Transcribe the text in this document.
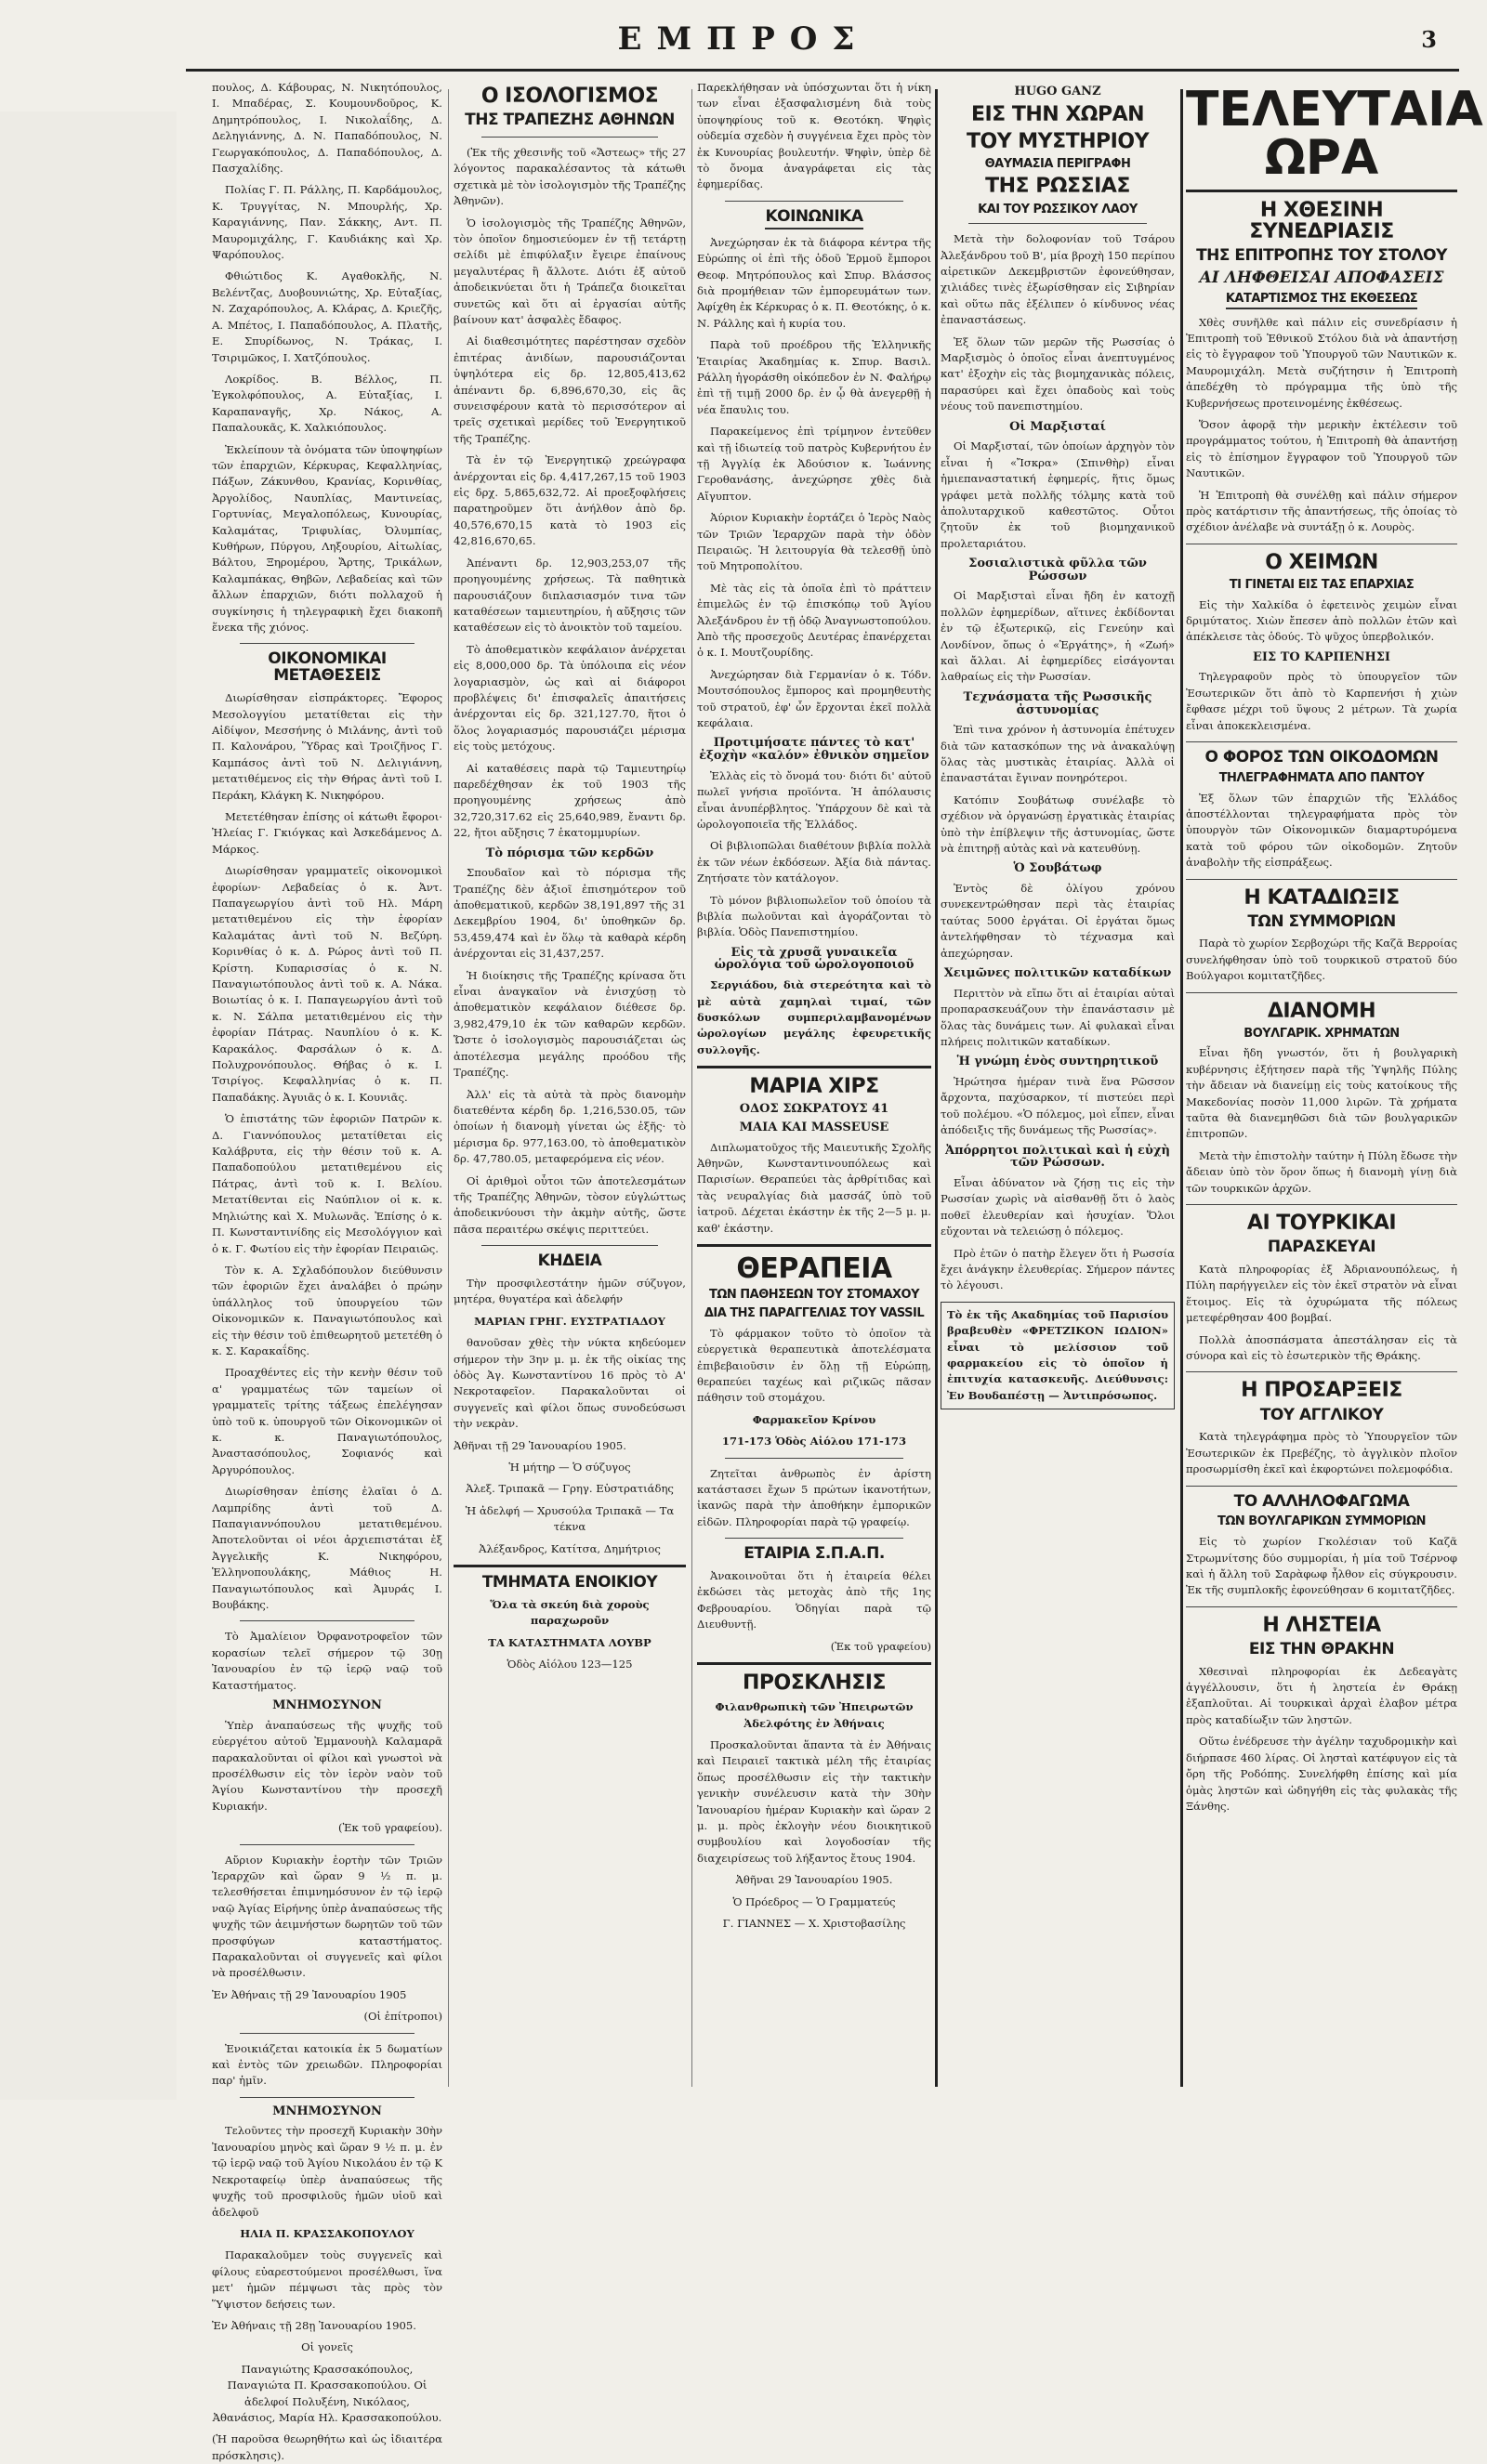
ΕΜΠΡΟΣ	3

πουλος, Δ. Κάβουρας, Ν. Νικητόπουλος, Ι. Μπαδέρας, Σ. Κουμουνδοῦρος, Κ. Δημητρόπουλος, Ι. Νικολαΐδης, Δ. Δεληγιάννης, Δ. Ν. Παπαδόπουλος, Ν. Γεωργακόπουλος, Δ. Παπαδόπουλος, Δ. Πασχαλίδης.

Πολίας Γ. Π. Ράλλης, Π. Καρδάμουλος, Κ. Τρυγγίτας, Ν. Μπουρλής, Χρ. Καραγιάννης, Παν. Σάκκης, Αντ. Π. Μαυρομιχάλης, Γ. Καυδιάκης καὶ Χρ. Ψαρόπουλος.

Φθιώτιδος Κ. Αγαθοκλῆς, Ν. Βελέντζας, Δυοβουνιώτης, Χρ. Εὐταξίας, Ν. Ζαχαρόπουλος, Α. Κλάρας, Δ. Κριεζῆς, Α. Μπέτος, Ι. Παπαδόπουλος, Α. Πλατῆς, Ε. Σπυρίδωνος, Ν. Τράκας, Ι. Τσιριμῶκος, Ι. Χατζόπουλος.

Λοκρίδος. Β. Βέλλος, Π. Ἐγκολφόπουλος, Α. Εὐταξίας, Ι. Καραπαναγῆς, Χρ. Νάκος, Α. Παπαλουκᾶς, Κ. Χαλκιόπουλος.

Ἐκλείπουν τὰ ὀνόματα τῶν ὑποψηφίων τῶν ἐπαρχιῶν, Κέρκυρας, Κεφαλληνίας, Πάξων, Ζάκυνθου, Κρανίας, Κορινθίας, Ἀργολίδος, Ναυπλίας, Μαντινείας, Γορτυνίας, Μεγαλοπόλεως, Κυνουρίας, Καλαμάτας, Τριφυλίας, Ὀλυμπίας, Κυθήρων, Πύργου, Ληξουρίου, Αἰτωλίας, Βάλτου, Ξηρομέρου, Ἄρτης, Τρικάλων, Καλαμπάκας, Θηβῶν, Λεβαδείας καὶ τῶν ἄλλων ἐπαρχιῶν, διότι πολλαχοῦ ἡ συγκίνησις ἡ τηλεγραφικὴ ἔχει διακοπῆ ἕνεκα τῆς χιόνος.

ΟΙΚΟΝΟΜΙΚΑΙ ΜΕΤΑΘΕΣΕΙΣ

Διωρίσθησαν εἰσπράκτορες. Ἔφορος Μεσολογγίου μετατίθεται εἰς τὴν Αἰδίψον, Μεσσήνης ὁ Μιλάνης, ἀντὶ τοῦ Π. Καλονάρου, Ὕδρας καὶ Τροιζῆνος Γ. Καμπάσος ἀντὶ τοῦ Ν. Δελιγιάννη, μετατιθέμενος εἰς τὴν Θήρας ἀντὶ τοῦ Ι. Περάκη, Κλάγκη Κ. Νικηφόρου.

Μετετέθησαν ἐπίσης οἱ κάτωθι ἔφοροι· Ἠλείας Γ. Γκιόγκας καὶ Ἀσκεδάμενος Δ. Μάρκος.

Διωρίσθησαν γραμματεῖς οἰκονομικοὶ ἐφορίων· Λεβαδείας ὁ κ. Ἀντ. Παπαγεωργίου ἀντὶ τοῦ Ηλ. Μάρη μετατιθεμένου εἰς τὴν ἐφορίαν Καλαμάτας ἀντὶ τοῦ Ν. Βεζύρη. Κορινθίας ὁ κ. Δ. Ρώρος ἀντὶ τοῦ Π. Κρίστη. Κυπαρισσίας ὁ κ. Ν. Παναγιωτόπουλος ἀντὶ τοῦ κ. Α. Νάκα. Βοιωτίας ὁ κ. Ι. Παπαγεωργίου ἀντὶ τοῦ κ. Ν. Σάλπα μετατιθεμένου εἰς τὴν ἐφορίαν Πάτρας. Ναυπλίου ὁ κ. Κ. Καρακάλος. Φαρσάλων ὁ κ. Δ. Πολυχρονόπουλος. Θήβας ὁ κ. Ι. Τσιρίγος. Κεφαλληνίας ὁ κ. Π. Παπαδάκης. Ἀγυιᾶς ὁ κ. Ι. Κουνιᾶς.

Ὁ ἐπιστάτης τῶν ἐφοριῶν Πατρῶν κ. Δ. Γιαννόπουλος μετατίθεται εἰς Καλάβρυτα, εἰς τὴν θέσιν τοῦ κ. Α. Παπαδοπούλου μετατιθεμένου εἰς Πάτρας, ἀντὶ τοῦ κ. Ι. Βελίου. Μετατίθενται εἰς Ναύπλιον οἱ κ. κ. Μηλιώτης καὶ Χ. Μυλωνᾶς. Ἐπίσης ὁ κ. Π. Κωνσταντινίδης εἰς Μεσολόγγιον καὶ ὁ κ. Γ. Φωτίου εἰς τὴν ἐφορίαν Πειραιῶς.

Τὸν κ. Α. Σχλαδόπουλον διεύθυνσιν τῶν ἐφοριῶν ἔχει ἀναλάβει ὁ πρώην ὑπάλληλος τοῦ ὑπουργείου τῶν Οἰκονομικῶν κ. Παναγιωτόπουλος καὶ εἰς τὴν θέσιν τοῦ ἐπιθεωρητοῦ μετετέθη ὁ κ. Σ. Καρακαΐδης.

Προαχθέντες εἰς τὴν κενὴν θέσιν τοῦ α' γραμματέως τῶν ταμείων οἱ γραμματεῖς τρίτης τάξεως ἐπελέγησαν ὑπὸ τοῦ κ. ὑπουργοῦ τῶν Οἰκονομικῶν οἱ κ. κ. Παναγιωτόπουλος, Ἀναστασόπουλος, Σοφιανός καὶ Ἀργυρόπουλος.

Διωρίσθησαν ἐπίσης ἐλαῖαι ὁ Δ. Λαμπρίδης ἀντὶ τοῦ Δ. Παπαγιαννόπουλου μετατιθεμένου. Ἀποτελοῦνται οἱ νέοι ἀρχιεπιστάται ἐξ Ἀγγελικῆς Κ. Νικηφόρου, Ἑλληνοπουλάκης, Μάθιος Η. Παναγιωτόπουλος καὶ Ἀμυράς Ι. Βουβάκης.

Τὸ Ἀμαλίειον Ὀρφανοτροφεῖον τῶν κορασίων τελεῖ σήμερον τῷ 30ῃ Ἰανουαρίου ἐν τῷ ἱερῷ ναῷ τοῦ Καταστήματος.

ΜΝΗΜΟΣΥΝΟΝ

Ὑπὲρ ἀναπαύσεως τῆς ψυχῆς τοῦ εὐεργέτου αὐτοῦ Ἐμμανουὴλ Καλαμαρᾶ παρακαλοῦνται οἱ φίλοι καὶ γνωστοὶ νὰ προσέλθωσιν εἰς τὸν ἱερὸν ναὸν τοῦ Ἁγίου Κωνσταντίνου τὴν προσεχῆ Κυριακήν.

(Ἐκ τοῦ γραφείου).

Αὔριον Κυριακὴν ἑορτὴν τῶν Τριῶν Ἱεραρχῶν καὶ ὥραν 9 ½ π. μ. τελεσθήσεται ἐπιμνημόσυνον ἐν τῷ ἱερῷ ναῷ Ἀγίας Εἰρήνης ὑπὲρ ἀναπαύσεως τῆς ψυχῆς τῶν ἀειμνήστων δωρητῶν τοῦ τῶν προσφύγων καταστήματος. Παρακαλοῦνται οἱ συγγενεῖς καὶ φίλοι νὰ προσέλθωσιν.

Ἐν Ἀθήναις τῇ 29 Ἰανουαρίου 1905

(Οἱ ἐπίτροποι)

Ἐνοικιάζεται κατοικία ἐκ 5 δωματίων καὶ ἐντὸς τῶν χρειωδῶν. Πληροφορίαι παρ' ἡμῖν.

ΜΝΗΜΟΣΥΝΟΝ

Τελοῦντες τὴν προσεχῆ Κυριακὴν 30ὴν Ἰανουαρίου μηνὸς καὶ ὥραν 9 ½ π. μ. ἐν τῷ ἱερῷ ναῷ τοῦ Ἁγίου Νικολάου ἐν τῷ Κ Νεκροταφείῳ ὑπὲρ ἀναπαύσεως τῆς ψυχῆς τοῦ προσφιλοῦς ἡμῶν υἱοῦ καὶ ἀδελφοῦ

ΗΛΙΑ Π. ΚΡΑΣΣΑΚΟΠΟΥΛΟΥ

Παρακαλοῦμεν τοὺς συγγενεῖς καὶ φίλους εὐαρεστούμενοι προσέλθωσι, ἵνα μετ' ἡμῶν πέμψωσι τὰς πρὸς τὸν Ὕψιστον δεήσεις των.

Ἐν Ἀθήναις τῇ 28ῃ Ἰανουαρίου 1905.

Οἱ γονεῖς

Παναγιώτης Κρασσακόπουλος, Παναγιώτα Π. Κρασσακοπούλου. Οἱ ἀδελφοί Πολυξένη, Νικόλαος, Ἀθανάσιος, Μαρία Ηλ. Κρασσακοπούλου.

(Ἡ παροῦσα θεωρηθήτω καὶ ὡς ἰδιαιτέρα πρόσκλησις).

Ο ΙΣΟΛΟΓΙΣΜΟΣ
ΤΗΣ ΤΡΑΠΕΖΗΣ ΑΘΗΝΩΝ

(Ἐκ τῆς χθεσινῆς τοῦ «Ἄστεως» τῆς 27 λόγοντος παρακαλέσαντος τὰ κάτωθι σχετικὰ μὲ τὸν ἰσολογισμὸν τῆς Τραπέζης Ἀθηνῶν).

Ὁ ἰσολογισμὸς τῆς Τραπέζης Ἀθηνῶν, τὸν ὁποῖον δημοσιεύομεν ἐν τῇ τετάρτῃ σελίδι μὲ ἐπιφύλαξιν ἔγειρε ἐπαίνους μεγαλυτέρας ἢ ἄλλοτε. Διότι ἐξ αὐτοῦ ἀποδεικνύεται ὅτι ἡ Τράπεζα διοικεῖται συνετῶς καὶ ὅτι αἱ ἐργασίαι αὐτῆς βαίνουν κατ' ἀσφαλὲς ἔδαφος.

Αἱ διαθεσιμότητες παρέστησαν σχεδὸν ἐπιτέρας ἀνιδίων, παρουσιάζονται ὑψηλότερα εἰς δρ. 12,805,413,62 ἀπέναντι δρ. 6,896,670,30, εἰς ἃς συνεισφέρουν κατὰ τὸ περισσότερον αἱ τρεῖς σχετικαὶ μερίδες τοῦ Ἐνεργητικοῦ τῆς Τραπέζης.

Τὰ ἐν τῷ Ἐνεργητικῷ χρεώγραφα ἀνέρχονται εἰς δρ. 4,417,267,15 τοῦ 1903 εἰς δρχ. 5,865,632,72. Αἱ προεξοφλήσεις παρατηροῦμεν ὅτι ἀνήλθον ἀπὸ δρ. 40,576,670,15 κατὰ τὸ 1903 εἰς 42,816,670,65.

Ἀπέναντι δρ. 12,903,253,07 τῆς προηγουμένης χρήσεως. Τὰ παθητικὰ παρουσιάζουν διπλασιασμόν τινα τῶν καταθέσεων ταμιευτηρίου, ἡ αὔξησις τῶν καταθέσεων εἰς τὸ ἀνοικτὸν τοῦ ταμείου.

Τὸ ἀποθεματικὸν κεφάλαιον ἀνέρχεται εἰς 8,000,000 δρ. Τὰ ὑπόλοιπα εἰς νέον λογαριασμὸν, ὡς καὶ αἱ διάφοροι προβλέψεις δι' ἐπισφαλεῖς ἀπαιτήσεις ἀνέρχονται εἰς δρ. 321,127.70, ἥτοι ὁ ὅλος λογαριασμός παρουσιάζει μέρισμα εἰς τοὺς μετόχους.

Αἱ καταθέσεις παρὰ τῷ Ταμιευτηρίῳ παρεδέχθησαν ἐκ τοῦ 1903 τῆς προηγουμένης χρήσεως ἀπὸ 32,720,317.62 εἰς 25,640,989, ἔναντι δρ. 22, ἤτοι αὔξησις 7 ἑκατομμυρίων.

Τὸ πόρισμα τῶν κερδῶν

Σπουδαῖον καὶ τὸ πόρισμα τῆς Τραπέζης δὲν ἀξιοῖ ἐπισημότερον τοῦ ἀποθεματικοῦ, κερδῶν 38,191,897 τῆς 31 Δεκεμβρίου 1904, δι' ὑποθηκῶν δρ. 53,459,474 καὶ ἐν ὅλῳ τὰ καθαρὰ κέρδη ἀνέρχονται εἰς 31,437,257.

Ἡ διοίκησις τῆς Τραπέζης κρίνασα ὅτι εἶναι ἀναγκαῖον νὰ ἐνισχύσῃ τὸ ἀποθεματικὸν κεφάλαιον διέθεσε δρ. 3,982,479,10 ἐκ τῶν καθαρῶν κερδῶν. Ὥστε ὁ ἰσολογισμὸς παρουσιάζεται ὡς ἀποτέλεσμα μεγάλης προόδου τῆς Τραπέζης.

Ἀλλ' εἰς τὰ αὐτὰ τὰ πρὸς διανομὴν διατεθέντα κέρδη δρ. 1,216,530.05, τῶν ὁποίων ἡ διανομὴ γίνεται ὡς ἑξῆς· τὸ μέρισμα δρ. 977,163.00, τὸ ἀποθεματικὸν δρ. 47,780.05, μεταφερόμενα εἰς νέον.

Οἱ ἀριθμοὶ οὗτοι τῶν ἀποτελεσμάτων τῆς Τραπέζης Ἀθηνῶν, τὸσον εὐγλώττως ἀποδεικνύουσι τὴν ἀκμὴν αὐτῆς, ὥστε πᾶσα περαιτέρω σκέψις περιττεύει.

ΚΗΔΕΙΑ

Τὴν προσφιλεστάτην ἡμῶν σύζυγον, μητέρα, θυγατέρα καὶ ἀδελφήν

ΜΑΡΙΑΝ ΓΡΗΓ. ΕΥΣΤΡΑΤΙΑΔΟΥ

θανοῦσαν χθὲς τὴν νύκτα κηδεύομεν σήμερον τὴν 3ην μ. μ. ἐκ τῆς οἰκίας της ὁδὸς Ἀγ. Κωνσταντίνου 16 πρὸς τὸ Α' Νεκροταφεῖον. Παρακαλοῦνται οἱ συγγενεῖς καὶ φίλοι ὅπως συνοδεύσωσι τὴν νεκρὰν.

Ἀθῆναι τῇ 29 Ἰανουαρίου 1905.

Ἡ μήτηρ — Ὁ σύζυγος

Ἀλεξ. Τριπακᾶ — Γρηγ. Εὐστρατιάδης

Ἡ ἀδελφή — Χρυσούλα Τριπακᾶ — Τα τέκνα

Ἀλέξανδρος, Κατίτσα, Δημήτριος

ΤΜΗΜΑΤΑ ΕΝΟΙΚΙΟΥ

Ὅλα τὰ σκεύη διὰ χοροὺς παραχωροῦν

ΤΑ ΚΑΤΑΣΤΗΜΑΤΑ ΛΟΥΒΡ

Ὁδὸς Αἰόλου 123—125

Παρεκλήθησαν νὰ ὑπόσχωνται ὅτι ἡ νίκη των εἶναι ἐξασφαλισμένη διὰ τοὺς ὑποψηφίους τοῦ κ. Θεοτόκη. Ψηφὶς οὐδεμία σχεδὸν ἡ συγγένεια ἔχει πρὸς τὸν ἐκ Κυνουρίας βουλευτήν. Ψηφὶν, ὑπὲρ δὲ τὸ ὄνομα ἀναγράφεται εἰς τὰς ἐφημερίδας.

ΚΟΙΝΩΝΙΚΑ

Ἀνεχώρησαν ἐκ τὰ διάφορα κέντρα τῆς Εὐρώπης οἱ ἐπὶ τῆς ὁδοῦ Ἑρμοῦ ἔμποροι Θεοφ. Μητρόπουλος καὶ Σπυρ. Βλάσσος διὰ προμήθειαν τῶν ἐμπορευμάτων των. Ἀφίχθη ἐκ Κέρκυρας ὁ κ. Π. Θεοτόκης, ὁ κ. Ν. Ράλλης καὶ ἡ κυρία του.

Παρὰ τοῦ προέδρου τῆς Ἑλληνικῆς Ἑταιρίας Ἀκαδημίας κ. Σπυρ. Βασιλ. Ράλλη ἠγοράσθη οἰκόπεδον ἐν Ν. Φαλήρῳ ἐπὶ τῇ τιμῇ 2000 δρ. ἐν ᾧ θὰ ἀνεγερθῇ ἡ νέα ἔπαυλις του.

Παρακείμενος ἐπὶ τρίμηνον ἐντεῦθεν καὶ τῇ ἰδιωτείᾳ τοῦ πατρὸς Κυβερνήτου ἐν τῇ Ἀγγλίᾳ ἐκ Ἀδούσιον κ. Ἰωάννης Γεροθανάσης, ἀνεχώρησε χθὲς διὰ Αἴγυπτον.

Ἀύριον Κυριακὴν ἑορτάζει ὁ Ἱερὸς Ναὸς τῶν Τριῶν Ἱεραρχῶν παρὰ τὴν ὁδὸν Πειραιῶς. Ἡ λειτουργία θὰ τελεσθῇ ὑπὸ τοῦ Μητροπολίτου.

Μὲ τὰς εἰς τὰ ὁποῖα ἐπὶ τὸ πράττειν ἐπιμελῶς ἐν τῷ ἐπισκόπῳ τοῦ Ἁγίου Ἀλεξάνδρου ἐν τῇ ὁδῷ Ἀναγνωστοπούλου. Ἀπὸ τῆς προσεχοῦς Δευτέρας ἐπανέρχεται ὁ κ. Ι. Μουτζουρίδης.

Ἀνεχώρησαν διὰ Γερμανίαν ὁ κ. Τόδν. Μουτσόπουλος ἔμπορος καὶ προμηθευτὴς τοῦ στρατοῦ, ἐφ' ὧν ἔρχονται ἐκεῖ πολλὰ κεφάλαια.

Προτιμήσατε πάντες τὸ κατ' ἐξοχὴν «καλόν» ἐθνικὸν σημεῖον

Ἐλλὰς εἰς τὸ ὄνομά του· διότι δι' αὐτοῦ πωλεῖ γνήσια προϊόντα. Ἡ ἀπόλαυσις εἶναι ἀνυπέρβλητος. Ὑπάρχουν δὲ καὶ τὰ ὡρολογοποιεῖα τῆς Ἑλλάδος.

Οἱ βιβλιοπῶλαι διαθέτουν βιβλία πολλὰ ἐκ τῶν νέων ἐκδόσεων. Ἀξία διὰ πάντας. Ζητήσατε τὸν κατάλογον.

Τὸ μόνον βιβλιοπωλεῖον τοῦ ὁποίου τὰ βιβλία πωλοῦνται καὶ ἀγοράζονται τὸ βιβλία. Ὁδὸς Πανεπιστημίου.

Εἰς τὰ χρυσᾶ γυναικεῖα ὡρολόγια τοῦ ὡρολογοποιοῦ

Σεργιάδου, διὰ στερεότητα καὶ τὸ μὲ αὐτὰ χαμηλαὶ τιμαί, τῶν δυσκόλων συμπεριλαμβανομένων ὡρολογίων μεγάλης ἐφευρετικῆς συλλογῆς.

ΜΑΡΙΑ ΧΙΡΣ
ΟΔΟΣ ΣΩΚΡΑΤΟΥΣ 41
ΜΑΙΑ ΚΑΙ MASSEUSE

Διπλωματοῦχος τῆς Μαιευτικῆς Σχολῆς Ἀθηνῶν, Κωνσταντινουπόλεως καὶ Παρισίων. Θεραπεύει τὰς ἀρθρίτιδας καὶ τὰς νευραλγίας διὰ μασσάζ ὑπὸ τοῦ ἰατροῦ. Δέχεται ἑκάστην ἐκ τῆς 2—5 μ. μ. καθ' ἑκάστην.

ΘΕΡΑΠΕΙΑ
ΤΩΝ ΠΑΘΗΣΕΩΝ ΤΟΥ ΣΤΟΜΑΧΟΥ
ΔΙΑ ΤΗΣ ΠΑΡΑΓΓΕΛΙΑΣ ΤΟΥ VASSIL

Τὸ φάρμακον τοῦτο τὸ ὁποῖον τὰ εὐεργετικὰ θεραπευτικὰ ἀποτελέσματα ἐπιβεβαιοῦσιν ἐν ὅλῃ τῇ Εὐρώπῃ, θεραπεύει ταχέως καὶ ριζικῶς πᾶσαν πάθησιν τοῦ στομάχου.

Φαρμακεῖον Κρίνου

171-173 Ὁδὸς Αἰόλου 171-173

Ζητεῖται ἀνθρωπὸς ἐν ἀρίστη κατάστασει ἔχων 5 πρώτων ἱκανοτήτων, ἰκανῶς παρὰ τὴν ἀποθήκην ἐμπορικῶν εἰδῶν. Πληροφορίαι παρὰ τῷ γραφείῳ.

ΕΤΑΙΡΙΑ Σ.Π.Α.Π.

Ἀνακοινοῦται ὅτι ἡ ἑταιρεία θέλει ἐκδώσει τὰς μετοχὰς ἀπὸ τῆς 1ης Φεβρουαρίου. Ὁδηγίαι παρὰ τῷ Διευθυντῇ.

(Ἐκ τοῦ γραφείου)

ΠΡΟΣΚΛΗΣΙΣ

Φιλανθρωπικὴ τῶν Ἠπειρωτῶν Ἀδελφότης ἐν Ἀθήναις

Προσκαλοῦνται ἅπαντα τὰ ἐν Ἀθήναις καὶ Πειραιεῖ τακτικὰ μέλη τῆς ἐταιρίας ὅπως προσέλθωσιν εἰς τὴν τακτικὴν γενικὴν συνέλευσιν κατὰ τὴν 30ὴν Ἰανουαρίου ἡμέραν Κυριακὴν καὶ ὥραν 2 μ. μ. πρὸς ἐκλογὴν νέου διοικητικοῦ συμβουλίου καὶ λογοδοσίαν τῆς διαχειρίσεως τοῦ λήξαντος ἔτους 1904.

Ἀθῆναι 29 Ἰανουαρίου 1905.

Ὁ Πρόεδρος — Ὁ Γραμματεύς

Γ. ΓΙΑΝΝΕΣ — Χ. Χριστοβασίλης

HUGO GANZ
ΕΙΣ ΤΗΝ ΧΩΡΑΝ
ΤΟΥ ΜΥΣΤΗΡΙΟΥ
ΘΑΥΜΑΣΙΑ ΠΕΡΙΓΡΑΦΗ
ΤΗΣ ΡΩΣΣΙΑΣ
ΚΑΙ ΤΟΥ ΡΩΣΣΙΚΟΥ ΛΑΟΥ

Μετὰ τὴν δολοφονίαν τοῦ Τσάρου Ἀλεξάνδρου τοῦ Β', μία βροχὴ 150 περίπου αἰρετικῶν Δεκεμβριστῶν ἐφονεύθησαν, χιλιάδες τινὲς ἐξωρίσθησαν εἰς Σιβηρίαν καὶ οὕτω πᾶς ἐξέλιπεν ὁ κίνδυνος νέας ἐπαναστάσεως.

Ἐξ ὅλων τῶν μερῶν τῆς Ρωσσίας ὁ Μαρξισμὸς ὁ ὁποῖος εἶναι ἀνεπτυγμένος κατ' ἐξοχὴν εἰς τὰς βιομηχανικὰς πόλεις, παρασύρει καὶ ἔχει ὀπαδοὺς καὶ τοὺς νέους τοῦ πανεπιστημίου.

Οἱ Μαρξισταί

Οἱ Μαρξισταί, τῶν ὁποίων ἀρχηγὸν τὸν εἶναι ἡ «Ἴσκρα» (Σπινθὴρ) εἶναι ἡμιεπαναστατική ἐφημερίς, ἥτις ὅμως γράφει μετὰ πολλῆς τόλμης κατὰ τοῦ ἀπολυταρχικοῦ καθεστῶτος. Οὗτοι ζητοῦν ἐκ τοῦ βιομηχανικοῦ προλεταριάτου.

Σοσιαλιστικὰ φῦλλα τῶν Ρώσσων

Οἱ Μαρξισταὶ εἶναι ἤδη ἐν κατοχῇ πολλῶν ἐφημερίδων, αἵτινες ἐκδίδονται ἐν τῷ ἐξωτερικῷ, εἰς Γενεύην καὶ Λονδίνον, ὅπως ὁ «Ἐργάτης», ἡ «Ζωή» καὶ ἄλλαι. Αἱ ἐφημερίδες εἰσάγονται λαθραίως εἰς τὴν Ρωσσίαν.

Τεχνάσματα τῆς Ρωσσικῆς ἀστυνομίας

Ἐπὶ τινα χρόνον ἡ ἀστυνομία ἐπέτυχεν διὰ τῶν κατασκόπων της νὰ ἀνακαλύψῃ ὅλας τὰς μυστικὰς ἑταιρίας. Ἀλλὰ οἱ ἐπαναστάται ἔγιναν πονηρότεροι.

Κατόπιν Σουβάτωφ συνέλαβε τὸ σχέδιον νὰ ὀργανώσῃ ἐργατικὰς ἑταιρίας ὑπὸ τὴν ἐπίβλεψιν τῆς ἀστυνομίας, ὥστε νὰ ἐπιτηρῇ αὐτὰς καὶ νὰ κατευθύνῃ.

Ὁ Σουβάτωφ

Ἐντὸς δὲ ὀλίγου χρόνου συνεκεντρώθησαν περὶ τὰς ἑταιρίας ταύτας 5000 ἐργάται. Οἱ ἐργάται ὅμως ἀντελήφθησαν τὸ τέχνασμα καὶ ἀπεχώρησαν.

Χειμῶνες πολιτικῶν καταδίκων

Περιττὸν νὰ εἴπω ὅτι αἱ ἑταιρίαι αὐταὶ προπαρασκευάζουν τὴν ἐπανάστασιν μὲ ὅλας τὰς δυνάμεις των. Αἱ φυλακαὶ εἶναι πλήρεις πολιτικῶν καταδίκων.

Ἡ γνώμη ἑνὸς συντηρητικοῦ

Ἠρώτησα ἡμέραν τινὰ ἕνα Ρῶσσον ἄρχοντα, παχύσαρκον, τί πιστεύει περὶ τοῦ πολέμου. «Ὁ πόλεμος, μοὶ εἶπεν, εἶναι ἀπόδειξις τῆς δυνάμεως τῆς Ρωσσίας».

Ἀπόρρητοι πολιτικαὶ καὶ ἡ εὐχὴ τῶν Ρώσσων.

Εἶναι ἀδύνατον νὰ ζήσῃ τις εἰς τὴν Ρωσσίαν χωρὶς νὰ αἰσθανθῇ ὅτι ὁ λαὸς ποθεῖ ἐλευθερίαν καὶ ἡσυχίαν. Ὅλοι εὔχονται νὰ τελειώσῃ ὁ πόλεμος.

Πρὸ ἐτῶν ὁ πατὴρ ἔλεγεν ὅτι ἡ Ρωσσία ἔχει ἀνάγκην ἐλευθερίας. Σήμερον πάντες τὸ λέγουσι.

Τὸ ἐκ τῆς Ακαδημίας τοῦ Παρισίου βραβευθὲν «ΦΡΕΤΖΙΚΟΝ ΙΩΔΙΟΝ» εἶναι τὸ μελίσσιον τοῦ φαρμακείου εἰς τὸ ὁποῖον ἡ ἐπιτυχία κατασκευῆς. Διεύθυνσις: Ἐν Βουδαπέστῃ — Ἀντιπρόσωπος.
ΤΕΛΕΥΤΑΙΑ ΩΡΑ
Η ΧΘΕΣΙΝΗ ΣΥΝΕΔΡΙΑΣΙΣ
ΤΗΣ ΕΠΙΤΡΟΠΗΣ ΤΟΥ ΣΤΟΛΟΥ
ΑΙ ΛΗΦΘΕΙΣΑΙ ΑΠΟΦΑΣΕΙΣ
ΚΑΤΑΡΤΙΣΜΟΣ ΤΗΣ ΕΚΘΕΣΕΩΣ

Χθὲς συνῆλθε καὶ πάλιν εἰς συνεδρίασιν ἡ Ἐπιτροπὴ τοῦ Ἐθνικοῦ Στόλου διὰ νὰ ἀπαντήσῃ εἰς τὸ ἔγγραφον τοῦ Ὑπουργοῦ τῶν Ναυτικῶν κ. Μαυρομιχάλη. Μετὰ συζήτησιν ἡ Ἐπιτροπὴ ἀπεδέχθη τὸ πρόγραμμα τῆς ὑπὸ τῆς Κυβερνήσεως προτεινομένης ἐκθέσεως.

Ὅσον ἀφορᾷ τὴν μερικὴν ἐκτέλεσιν τοῦ προγράμματος τούτου, ἡ Ἐπιτροπὴ θὰ ἀπαντήσῃ εἰς τὸ ἐπίσημον ἔγγραφον τοῦ Ὑπουργοῦ τῶν Ναυτικῶν.

Ἡ Ἐπιτροπὴ θὰ συνέλθῃ καὶ πάλιν σήμερον πρὸς κατάρτισιν τῆς ἀπαντήσεως, τῆς ὁποίας τὸ σχέδιον ἀνέλαβε νὰ συντάξῃ ὁ κ. Λουρὸς.

Ο ΧΕΙΜΩΝ
ΤΙ ΓΙΝΕΤΑΙ ΕΙΣ ΤΑΣ ΕΠΑΡΧΙΑΣ

Εἰς τὴν Χαλκίδα ὁ ἐφετεινὸς χειμὼν εἶναι δριμύτατος. Χιὼν ἔπεσεν ἀπὸ πολλῶν ἐτῶν καὶ ἀπέκλεισε τὰς ὁδούς. Τὸ ψῦχος ὑπερβολικόν.

ΕΙΣ ΤΟ ΚΑΡΠΕΝΗΣΙ

Τηλεγραφοῦν πρὸς τὸ ὑπουργεῖον τῶν Ἐσωτερικῶν ὅτι ἀπὸ τὸ Καρπενήσι ἡ χιὼν ἔφθασε μέχρι τοῦ ὕψους 2 μέτρων. Τὰ χωρία εἶναι ἀποκεκλεισμένα.

Ο ΦΟΡΟΣ ΤΩΝ ΟΙΚΟΔΟΜΩΝ
ΤΗΛΕΓΡΑΦΗΜΑΤΑ ΑΠΟ ΠΑΝΤΟΥ

Ἐξ ὅλων τῶν ἐπαρχιῶν τῆς Ἑλλάδος ἀποστέλλονται τηλεγραφήματα πρὸς τὸν ὑπουργὸν τῶν Οἰκονομικῶν διαμαρτυρόμενα κατὰ τοῦ φόρου τῶν οἰκοδομῶν. Ζητοῦν ἀναβολὴν τῆς εἰσπράξεως.

Η ΚΑΤΑΔΙΩΞΙΣ
ΤΩΝ ΣΥΜΜΟΡΙΩΝ

Παρὰ τὸ χωρίον Σερβοχώρι τῆς Καζᾶ Βερροίας συνελήφθησαν ὑπὸ τοῦ τουρκικοῦ στρατοῦ δύο Βούλγαροι κομιτατζῆδες.

ΔΙΑΝΟΜΗ
ΒΟΥΛΓΑΡΙΚ. ΧΡΗΜΑΤΩΝ

Εἶναι ἤδη γνωστόν, ὅτι ἡ βουλγαρικὴ κυβέρνησις ἐξήτησεν παρὰ τῆς Ὑψηλῆς Πύλης τὴν ἄδειαν νὰ διανείμῃ εἰς τοὺς κατοίκους τῆς Μακεδονίας ποσὸν 11,000 λιρῶν. Τὰ χρήματα ταῦτα θὰ διανεμηθῶσι διὰ τῶν βουλγαρικῶν ἐπιτροπῶν.

Μετὰ τὴν ἐπιστολὴν ταύτην ἡ Πύλη ἔδωσε τὴν ἄδειαν ὑπὸ τὸν ὅρον ὅπως ἡ διανομὴ γίνῃ διὰ τῶν τουρκικῶν ἀρχῶν.

ΑΙ ΤΟΥΡΚΙΚΑΙ
ΠΑΡΑΣΚΕΥΑΙ

Κατὰ πληροφορίας ἐξ Ἀδριανουπόλεως, ἡ Πύλη παρήγγειλεν εἰς τὸν ἐκεῖ στρατὸν νὰ εἶναι ἕτοιμος. Εἰς τὰ ὀχυρώματα τῆς πόλεως μετεφέρθησαν 400 βομβαί.

Πολλὰ ἀποσπάσματα ἀπεστάλησαν εἰς τὰ σύνορα καὶ εἰς τὸ ἐσωτερικὸν τῆς Θράκης.

Η ΠΡΟΣΑΡΞΕΙΣ
ΤΟΥ ΑΓΓΛΙΚΟΥ

Κατὰ τηλεγράφημα πρὸς τὸ Ὑπουργεῖον τῶν Ἐσωτερικῶν ἐκ Πρεβέζης, τὸ ἀγγλικὸν πλοῖον προσωρμίσθη ἐκεῖ καὶ ἐκφορτώνει πολεμοφόδια.

ΤΟ ΑΛΛΗΛΟΦΑΓΩΜΑ
ΤΩΝ ΒΟΥΛΓΑΡΙΚΩΝ ΣΥΜΜΟΡΙΩΝ

Εἰς τὸ χωρίον Γκολέσιαν τοῦ Καζᾶ Στρωμνίτσης δύο συμμορίαι, ἡ μία τοῦ Τσέρνοφ καὶ ἡ ἄλλη τοῦ Σαρὰφωφ ἦλθον εἰς σύγκρουσιν. Ἐκ τῆς συμπλοκῆς ἐφονεύθησαν 6 κομιτατζῆδες.

Η ΛΗΣΤΕΙΑ
ΕΙΣ ΤΗΝ ΘΡΑΚΗΝ

Χθεσιναὶ πληροφορίαι ἐκ Δεδεαγὰτς ἀγγέλλουσιν, ὅτι ἡ ληστεία ἐν Θράκῃ ἐξαπλοῦται. Αἱ τουρκικαὶ ἀρχαὶ ἐλαβον μέτρα πρὸς καταδίωξιν τῶν ληστῶν.

Οὕτω ἐνέδρευσε τὴν ἀγέλην ταχυδρομικὴν καὶ διήρπασε 460 λίρας. Οἱ λησταὶ κατέφυγον εἰς τὰ ὄρη τῆς Ροδόπης. Συνελήφθη ἐπίσης καὶ μία ὁμὰς ληστῶν καὶ ὡδηγήθη εἰς τὰς φυλακὰς τῆς Ξάνθης.
